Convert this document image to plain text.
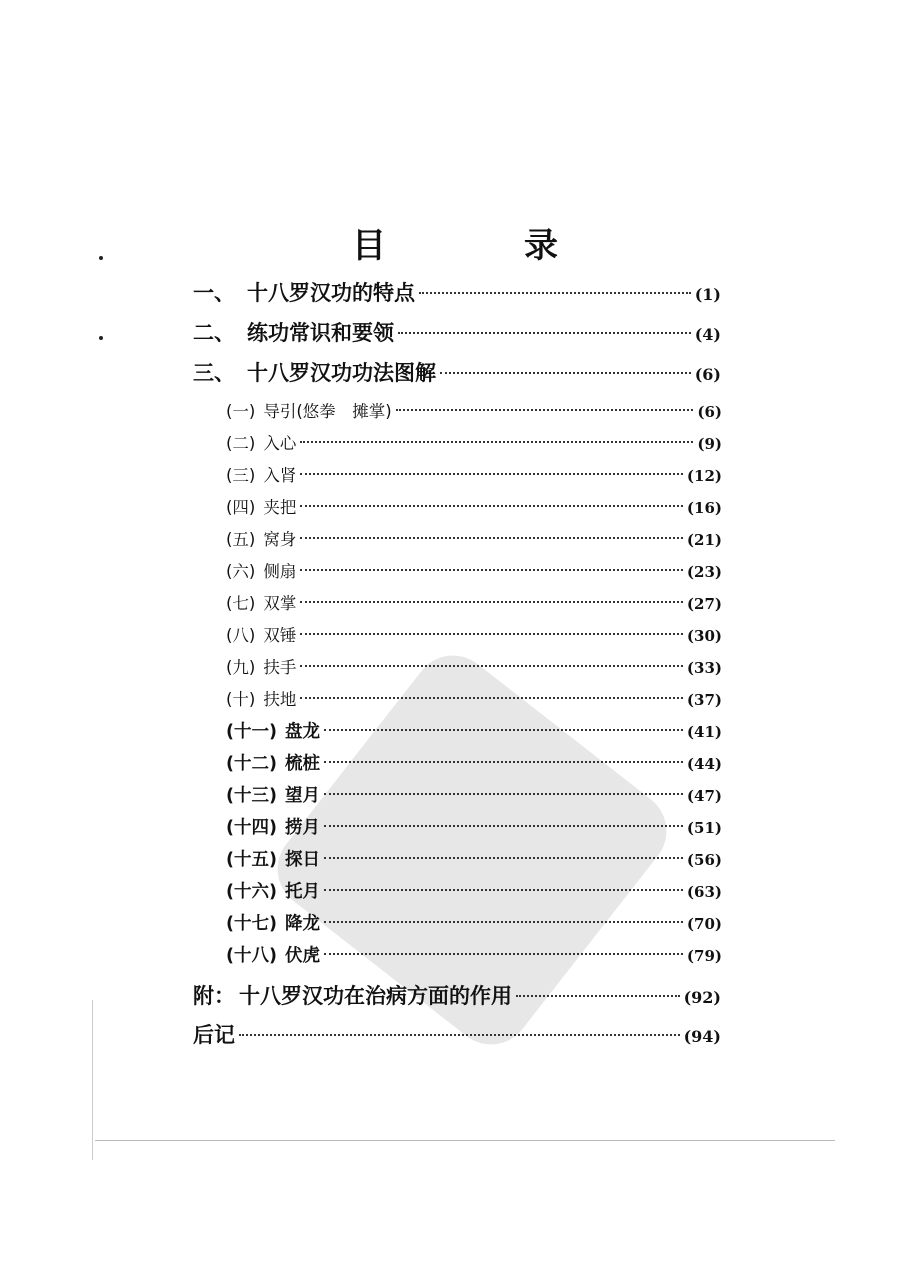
目　录
一、 十八罗汉功的特点	(1)
二、 练功常识和要领	(4)
三、 十八罗汉功功法图解	(6)
(一) 导引(悠拳　摊掌)	(6)
(二) 入心	(9)
(三) 入肾	(12)
(四) 夹把	(16)
(五) 窝身	(21)
(六) 侧扇	(23)
(七) 双掌	(27)
(八) 双锤	(30)
(九) 扶手	(33)
(十) 扶地	(37)
(十一) 盘龙	(41)
(十二) 梳桩	(44)
(十三) 望月	(47)
(十四) 捞月	(51)
(十五) 探日	(56)
(十六) 托月	(63)
(十七) 降龙	(70)
(十八) 伏虎	(79)
附： 十八罗汉功在治病方面的作用	(92)
后记	(94)
